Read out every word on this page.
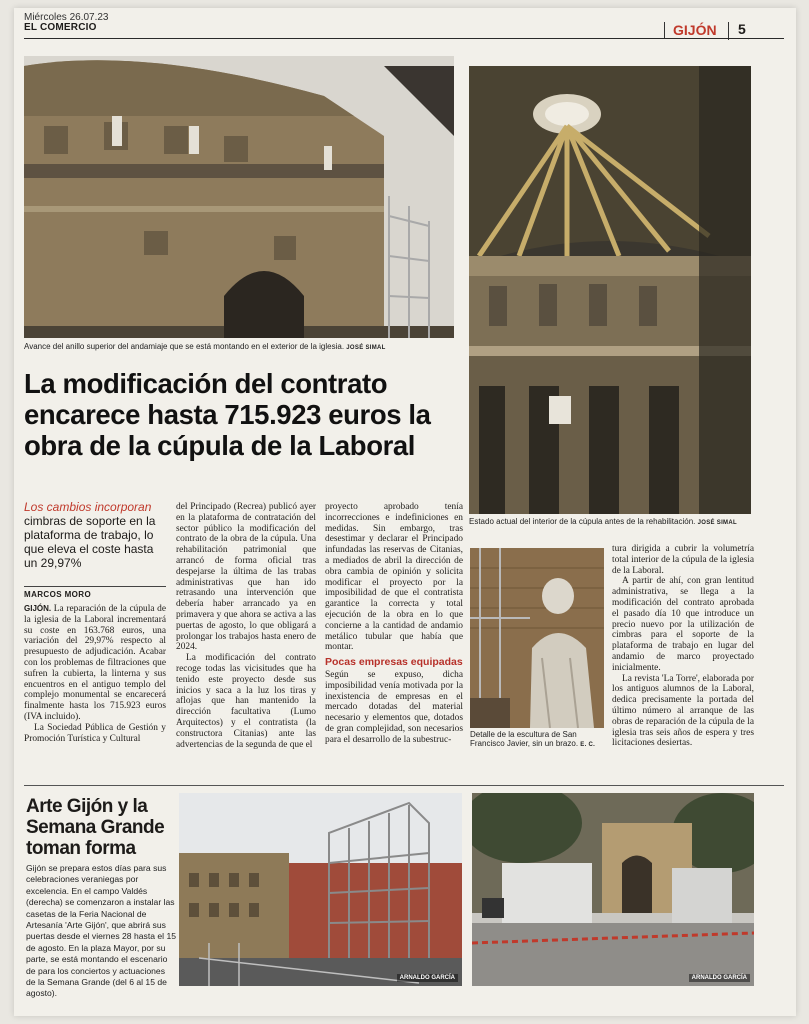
Miércoles 26.07.23
EL COMERCIO	GIJÓN 5
Avance del anillo superior del andamiaje que se está montando en el exterior de la iglesia. JOSÉ SIMAL
Estado actual del interior de la cúpula antes de la rehabilitación. JOSÉ SIMAL
La modificación del contrato encarece hasta 715.923 euros la obra de la cúpula de la Laboral
Los cambios incorporan cimbras de soporte en la plataforma de trabajo, lo que eleva el coste hasta un 29,97%
MARCOS MORO

GIJÓN. La reparación de la cúpula de la iglesia de la Laboral incrementará su coste en 163.768 euros, una variación del 29,97% respecto al presupuesto de adjudicación. Acabar con los problemas de filtraciones que sufren la cubierta, la linterna y sus encuentros en el antiguo templo del complejo monumental se encarecerá finalmente hasta los 715.923 euros (IVA incluido).

La Sociedad Pública de Gestión y Promoción Turística y Cultural

del Principado (Recrea) publicó ayer en la plataforma de contratación del sector público la modificación del contrato de la obra de la cúpula. Una rehabilitación patrimonial que arrancó de forma oficial tras despejarse la última de las trabas administrativas que han ido retrasando una intervención que debería haber arrancado ya en primavera y que ahora se activa a las puertas de agosto, lo que obligará a prolongar los trabajos hasta enero de 2024.

La modificación del contrato recoge todas las vicisitudes que ha tenido este proyecto desde sus inicios y saca a la luz los tiras y aflojas que han mantenido la dirección facultativa (Lumo Arquitectos) y el contratista (la constructora Citanias) ante las advertencias de la segunda de que el

proyecto aprobado tenía incorrecciones e indefiniciones en medidas. Sin embargo, tras desestimar y declarar el Principado infundadas las reservas de Citanias, a mediados de abril la dirección de obra cambia de opinión y solicita modificar el proyecto por la imposibilidad de que el contratista garantice la correcta y total ejecución de la obra en lo que concierne a la cantidad de andamio metálico tubular que había que montar.

Pocas empresas equipadas

Según se expuso, dicha imposibilidad venía motivada por la inexistencia de empresas en el mercado dotadas del material necesario y elementos que, dotados de gran complejidad, son necesarios para el desarrollo de la subestruc-

Detalle de la escultura de San Francisco Javier, sin un brazo. E. C.

tura dirigida a cubrir la volumetría total interior de la cúpula de la iglesia de la Laboral.

A partir de ahí, con gran lentitud administrativa, se llega a la modificación del contrato aprobada el pasado día 10 que introduce un precio nuevo por la utilización de cimbras para el soporte de la plataforma de trabajo en lugar del andamio de marco proyectado inicialmente.

La revista 'La Torre', elaborada por los antiguos alumnos de la Laboral, dedica precisamente la portada del último número al arranque de las obras de reparación de la cúpula de la iglesia tras seis años de espera y tres licitaciones desiertas.

Arte Gijón y la Semana Grande toman forma
Gijón se prepara estos días para sus celebraciones veraniegas por excelencia. En el campo Valdés (derecha) se comenzaron a instalar las casetas de la Feria Nacional de Artesanía 'Arte Gijón', que abrirá sus puertas desde el viernes 28 hasta el 15 de agosto. En la plaza Mayor, por su parte, se está montando el escenario de para los conciertos y actuaciones de la Semana Grande (del 6 al 15 de agosto).
ARNALDO GARCÍA	ARNALDO GARCÍA
